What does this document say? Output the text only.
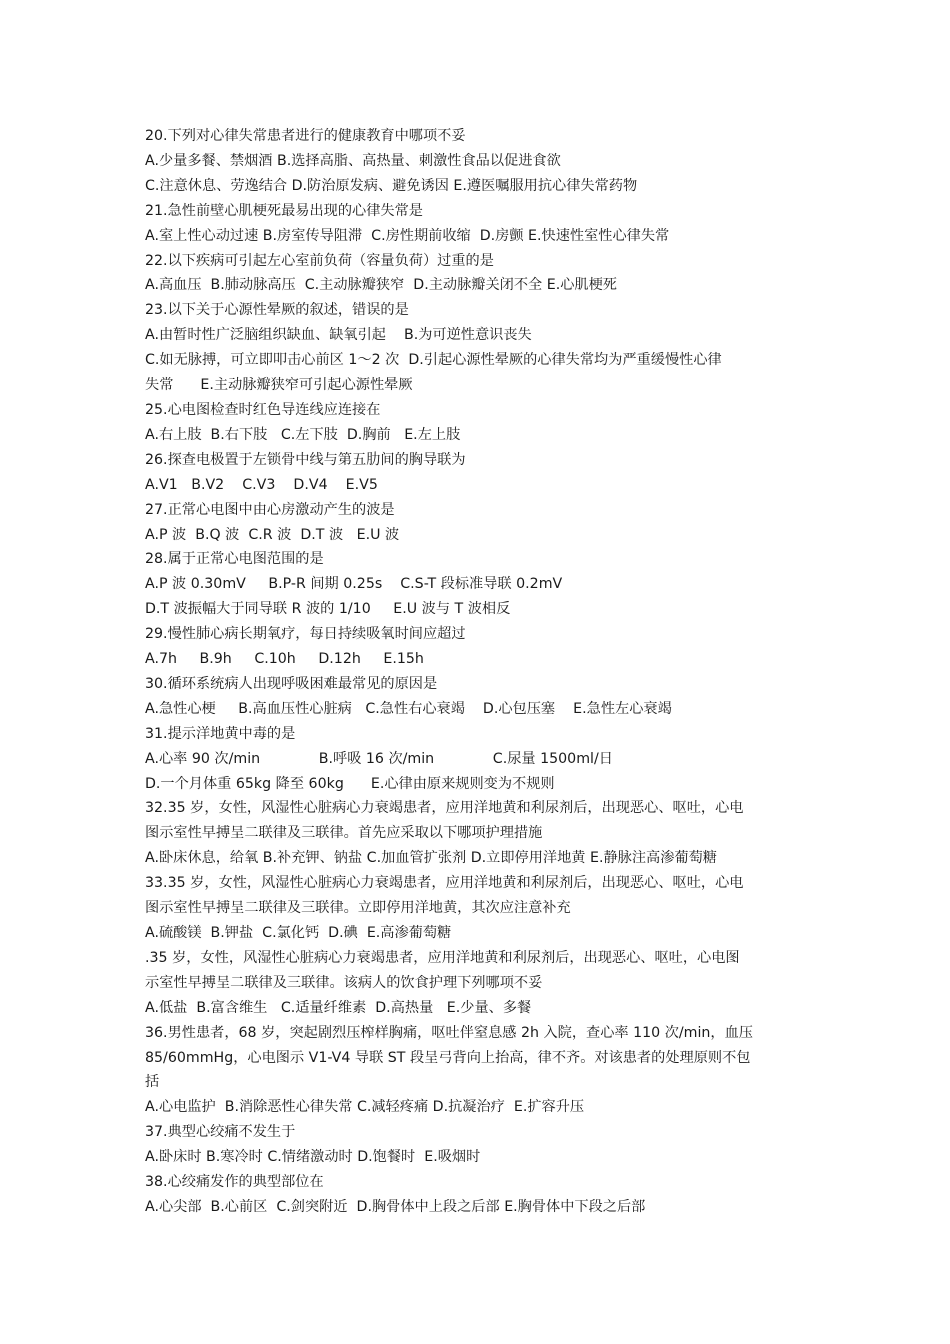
20.下列对心律失常患者进行的健康教育中哪项不妥
A.少量多餐、禁烟酒 B.选择高脂、高热量、刺激性食品以促进食欲
C.注意休息、劳逸结合 D.防治原发病、避免诱因 E.遵医嘱服用抗心律失常药物
21.急性前壁心肌梗死最易出现的心律失常是
A.室上性心动过速 B.房室传导阻滞  C.房性期前收缩  D.房颤 E.快速性室性心律失常
22.以下疾病可引起左心室前负荷（容量负荷）过重的是
A.高血压  B.肺动脉高压  C.主动脉瓣狭窄  D.主动脉瓣关闭不全 E.心肌梗死
23.以下关于心源性晕厥的叙述，错误的是
A.由暂时性广泛脑组织缺血、缺氧引起    B.为可逆性意识丧失
C.如无脉搏，可立即叩击心前区 1～2 次  D.引起心源性晕厥的心律失常均为严重缓慢性心律
失常      E.主动脉瓣狭窄可引起心源性晕厥
25.心电图检查时红色导连线应连接在
A.右上肢  B.右下肢   C.左下肢  D.胸前   E.左上肢
26.探查电极置于左锁骨中线与第五肋间的胸导联为
A.V1   B.V2    C.V3    D.V4    E.V5
27.正常心电图中由心房激动产生的波是
A.P 波  B.Q 波  C.R 波  D.T 波   E.U 波
28.属于正常心电图范围的是
A.P 波 0.30mV     B.P-R 间期 0.25s    C.S-T 段标准导联 0.2mV
D.T 波振幅大于同导联 R 波的 1/10     E.U 波与 T 波相反
29.慢性肺心病长期氧疗，每日持续吸氧时间应超过
A.7h     B.9h     C.10h     D.12h     E.15h
30.循环系统病人出现呼吸困难最常见的原因是
A.急性心梗     B.高血压性心脏病   C.急性右心衰竭    D.心包压塞    E.急性左心衰竭
31.提示洋地黄中毒的是
A.心率 90 次/min             B.呼吸 16 次/min             C.尿量 1500ml/日
D.一个月体重 65kg 降至 60kg      E.心律由原来规则变为不规则
32.35 岁，女性，风湿性心脏病心力衰竭患者，应用洋地黄和利尿剂后，出现恶心、呕吐，心电
图示室性早搏呈二联律及三联律。首先应采取以下哪项护理措施
A.卧床休息，给氧 B.补充钾、钠盐 C.加血管扩张剂 D.立即停用洋地黄 E.静脉注高渗葡萄糖
33.35 岁，女性，风湿性心脏病心力衰竭患者，应用洋地黄和利尿剂后，出现恶心、呕吐，心电
图示室性早搏呈二联律及三联律。立即停用洋地黄，其次应注意补充
A.硫酸镁  B.钾盐  C.氯化钙  D.碘  E.高渗葡萄糖
.35 岁，女性，风湿性心脏病心力衰竭患者，应用洋地黄和利尿剂后，出现恶心、呕吐，心电图
示室性早搏呈二联律及三联律。该病人的饮食护理下列哪项不妥
A.低盐  B.富含维生   C.适量纤维素  D.高热量   E.少量、多餐
36.男性患者，68 岁，突起剧烈压榨样胸痛，呕吐伴窒息感 2h 入院，查心率 110 次/min，血压
85/60mmHg，心电图示 V1-V4 导联 ST 段呈弓背向上抬高，律不齐。对该患者的处理原则不包
括
A.心电监护  B.消除恶性心律失常 C.减轻疼痛 D.抗凝治疗  E.扩容升压
37.典型心绞痛不发生于
A.卧床时 B.寒冷时 C.情绪激动时 D.饱餐时  E.吸烟时
38.心绞痛发作的典型部位在
A.心尖部  B.心前区  C.剑突附近  D.胸骨体中上段之后部 E.胸骨体中下段之后部
